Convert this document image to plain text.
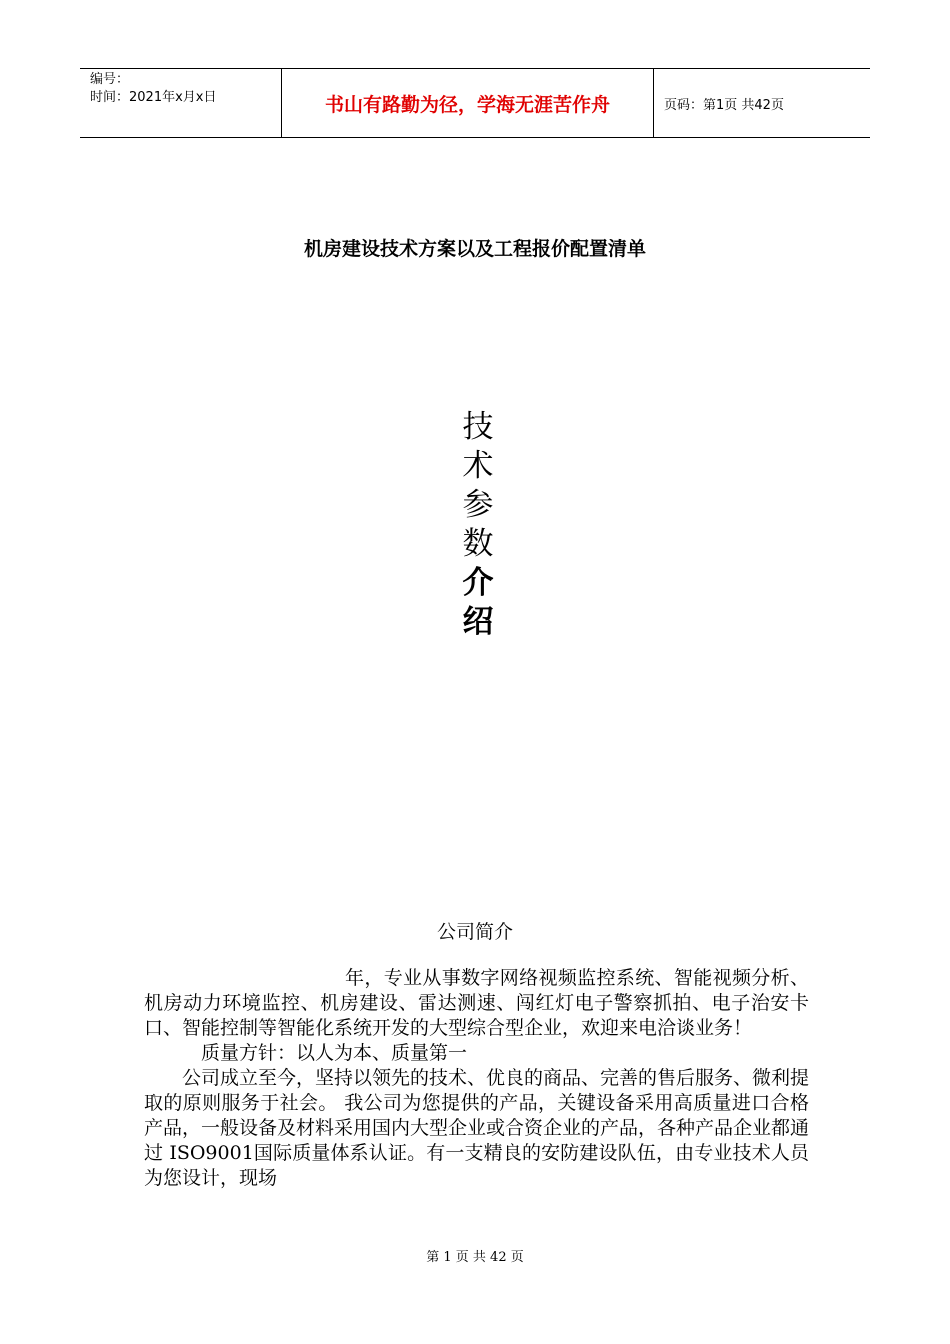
编号：
时间：2021年x月x日	书山有路勤为径，学海无涯苦作舟	页码：第1页 共42页
机房建设技术方案以及工程报价配置清单
技
术
参
数
介
绍
公司简介

年，专业从事数字网络视频监控系统、智能视频分析、机房动力环境监控、机房建设、雷达测速、闯红灯电子警察抓拍、电子治安卡口、智能控制等智能化系统开发的大型综合型企业，欢迎来电洽谈业务！

质量方针：以人为本、质量第一

公司成立至今，坚持以领先的技术、优良的商品、完善的售后服务、微利提取的原则服务于社会。 我公司为您提供的产品，关键设备采用高质量进口合格产品，一般设备及材料采用国内大型企业或合资企业的产品，各种产品企业都通过 ISO9001国际质量体系认证。有一支精良的安防建设队伍，由专业技术人员为您设计，现场

第 1 页 共 42 页
